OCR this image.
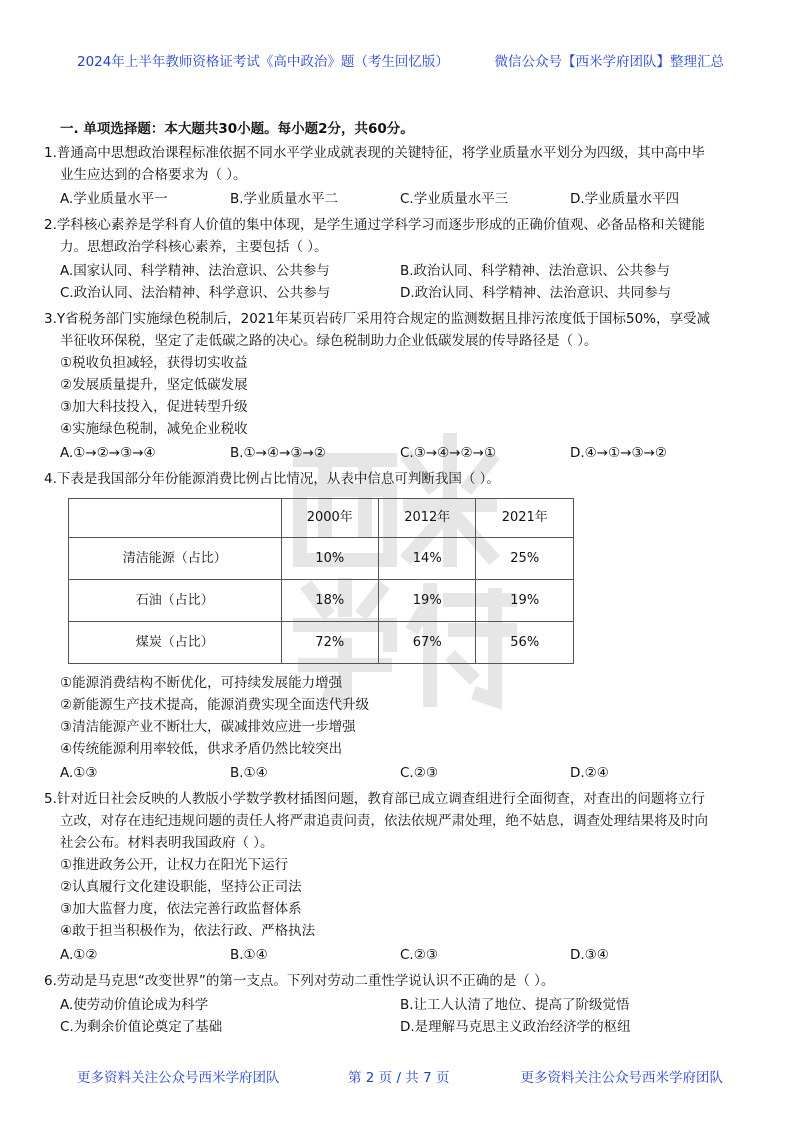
2024年上半年教师资格证考试《高中政治》题（考生回忆版）	微信公众号【西米学府团队】整理汇总
一. 单项选择题：本大题共30小题。每小题2分，共60分。
1.普通高中思想政治课程标准依据不同水平学业成就表现的关键特征，将学业质量水平划分为四级，其中高中毕
业生应达到的合格要求为（ ）。
A.学业质量水平一	B.学业质量水平二	C.学业质量水平三	D.学业质量水平四
2.学科核心素养是学科育人价值的集中体现，是学生通过学科学习而逐步形成的正确价值观、必备品格和关键能
力。思想政治学科核心素养，主要包括（ ）。
A.国家认同、科学精神、法治意识、公共参与	B.政治认同、科学精神、法治意识、公共参与
C.政治认同、法治精神、科学意识、公共参与	D.政治认同、科学精神、法治意识、共同参与
3.Y省税务部门实施绿色税制后，2021年某页岩砖厂采用符合规定的监测数据且排污浓度低于国标50%，享受减
半征收环保税，坚定了走低碳之路的决心。绿色税制助力企业低碳发展的传导路径是（ ）。
①税收负担减轻，获得切实收益
②发展质量提升，坚定低碳发展
③加大科技投入，促进转型升级
④实施绿色税制，减免企业税收
A.①→②→③→④	B.①→④→③→②	C.③→④→②→①	D.④→①→③→②
4.下表是我国部分年份能源消费比例占比情况，从表中信息可判断我国（ ）。
	2000年	2012年	2021年
清洁能源（占比）	10%	14%	25%
石油（占比）	18%	19%	19%
煤炭（占比）	72%	67%	56%
①能源消费结构不断优化，可持续发展能力增强
②新能源生产技术提高，能源消费实现全面迭代升级
③清洁能源产业不断壮大，碳减排效应进一步增强
④传统能源利用率较低，供求矛盾仍然比较突出
A.①③	B.①④	C.②③	D.②④
5.针对近日社会反映的人教版小学数学教材插图问题，教育部已成立调查组进行全面彻查，对查出的问题将立行
立改，对存在违纪违规问题的责任人将严肃追责问责，依法依规严肃处理，绝不姑息，调查处理结果将及时向
社会公布。材料表明我国政府（ ）。
①推进政务公开，让权力在阳光下运行
②认真履行文化建设职能，坚持公正司法
③加大监督力度，依法完善行政监督体系
④敢于担当积极作为，依法行政、严格执法
A.①②	B.①④	C.②③	D.③④
6.劳动是马克思“改变世界”的第一支点。下列对劳动二重性学说认识不正确的是（ ）。
A.使劳动价值论成为科学	B.让工人认清了地位、提高了阶级觉悟
C.为剩余价值论奠定了基础	D.是理解马克思主义政治经济学的枢纽
更多资料关注公众号西米学府团队	第 2 页 / 共 7 页	更多资料关注公众号西米学府团队
